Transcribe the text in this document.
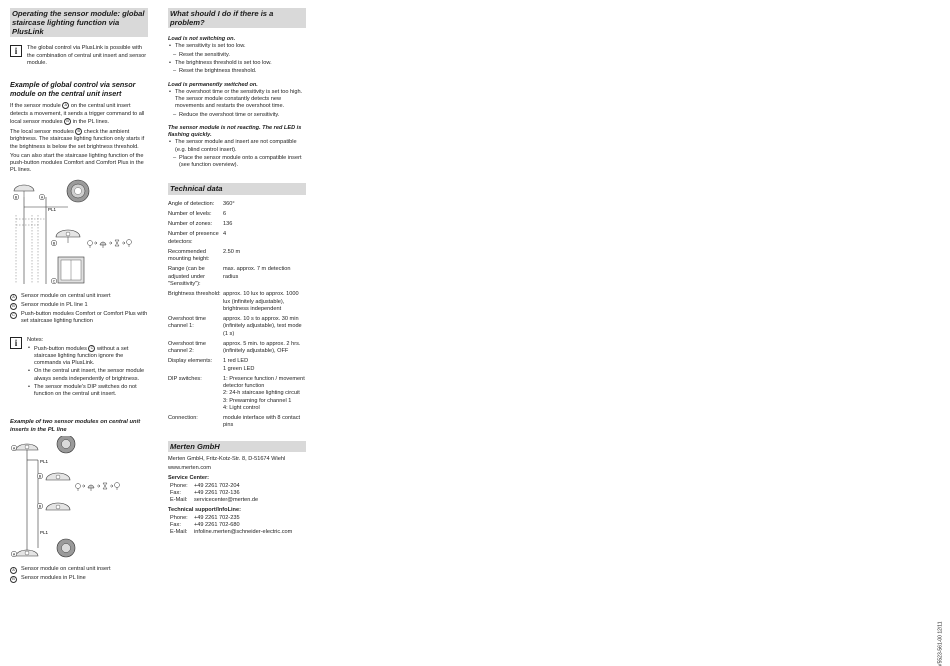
Operating the sensor module: global staircase lighting function via PlusLink
i	The global control via PlusLink is possible with the combination of central unit insert and sensor module.
Example of global control via sensor module on the central unit insert

If the sensor module A on the central unit insert detects a movement, it sends a trigger command to all local sensor modules B in the PL lines.

The local sensor modules B check the ambient brightness. The staircase lighting function only starts if the brightness is below the set brightness threshold.

You can also start the staircase lighting function of the push-button modules Comfort and Comfort Plus in the PL lines.

B	A
PL1
B
C
A	Sensor module on central unit insert
B	Sensor module in PL line 1
C	Push-button modules Comfort or Comfort Plus with set staircase lighting function
i	Notes:
• Push-button modules C without a set staircase lighting function ignore the commands via PlusLink.
• On the central unit insert, the sensor module always sends independently of brightness.
• The sensor module's DIP switches do not function on the central unit insert.
Example of two sensor modules on central unit inserts in the PL line
A
PL1
B
B
PL1
A
A	Sensor module on central unit insert
B	Sensor modules in PL line
What should I do if there is a problem?
Load is not switching on.
• The sensitivity is set too low.
– Reset the sensitivity.
• The brightness threshold is set too low.
– Reset the brightness threshold.
Load is permanently switched on.
• The overshoot time or the sensitivity is set too high. The sensor module constantly detects new movements and restarts the overshoot time.
– Reduce the overshoot time or sensitivity.
The sensor module is not reacting. The red LED is flashing quickly.
• The sensor module and insert are not compatible (e.g. blind control insert).
– Place the sensor module onto a compatible insert (see function overview).
Technical data
Angle of detection:	360°
Number of levels:	6
Number of zones:	136
Number of presence detectors:	4
Recommended mounting height:	2.50 m
Range (can be adjusted under "Sensitivity"):	max. approx. 7 m detection radius
Brightness threshold:	approx. 10 lux to approx. 1000 lux (infinitely adjustable), brightness independent
Overshoot time channel 1:	approx. 10 s to approx. 30 min (infinitely adjustable), test mode (1 s)
Overshoot time channel 2:	approx. 5 min. to approx. 2 hrs. (infinitely adjustable), OFF
Display elements:	1 red LED
1 green LED
DIP switches:	1: Presence function / movement detector function
2: 24-h staircase lighting circuit
3: Prewarning for channel 1
4: Light control
Connection:	module interface with 8 contact pins
Merten GmbH
Merten GmbH, Fritz-Kotz-Str. 8, D-51674 Wiehl
www.merten.com
Service Center:
Phone:	+49 2261 702-204
Fax:	+49 2261 702-136
E-Mail:	servicecenter@merten.de
Technical support/InfoLine:
Phone:	+49 2261 702-235
Fax:	+49 2261 702-680
E-Mail:	infoline.merten@schneider-electric.com
V5523-561-00 12/11
